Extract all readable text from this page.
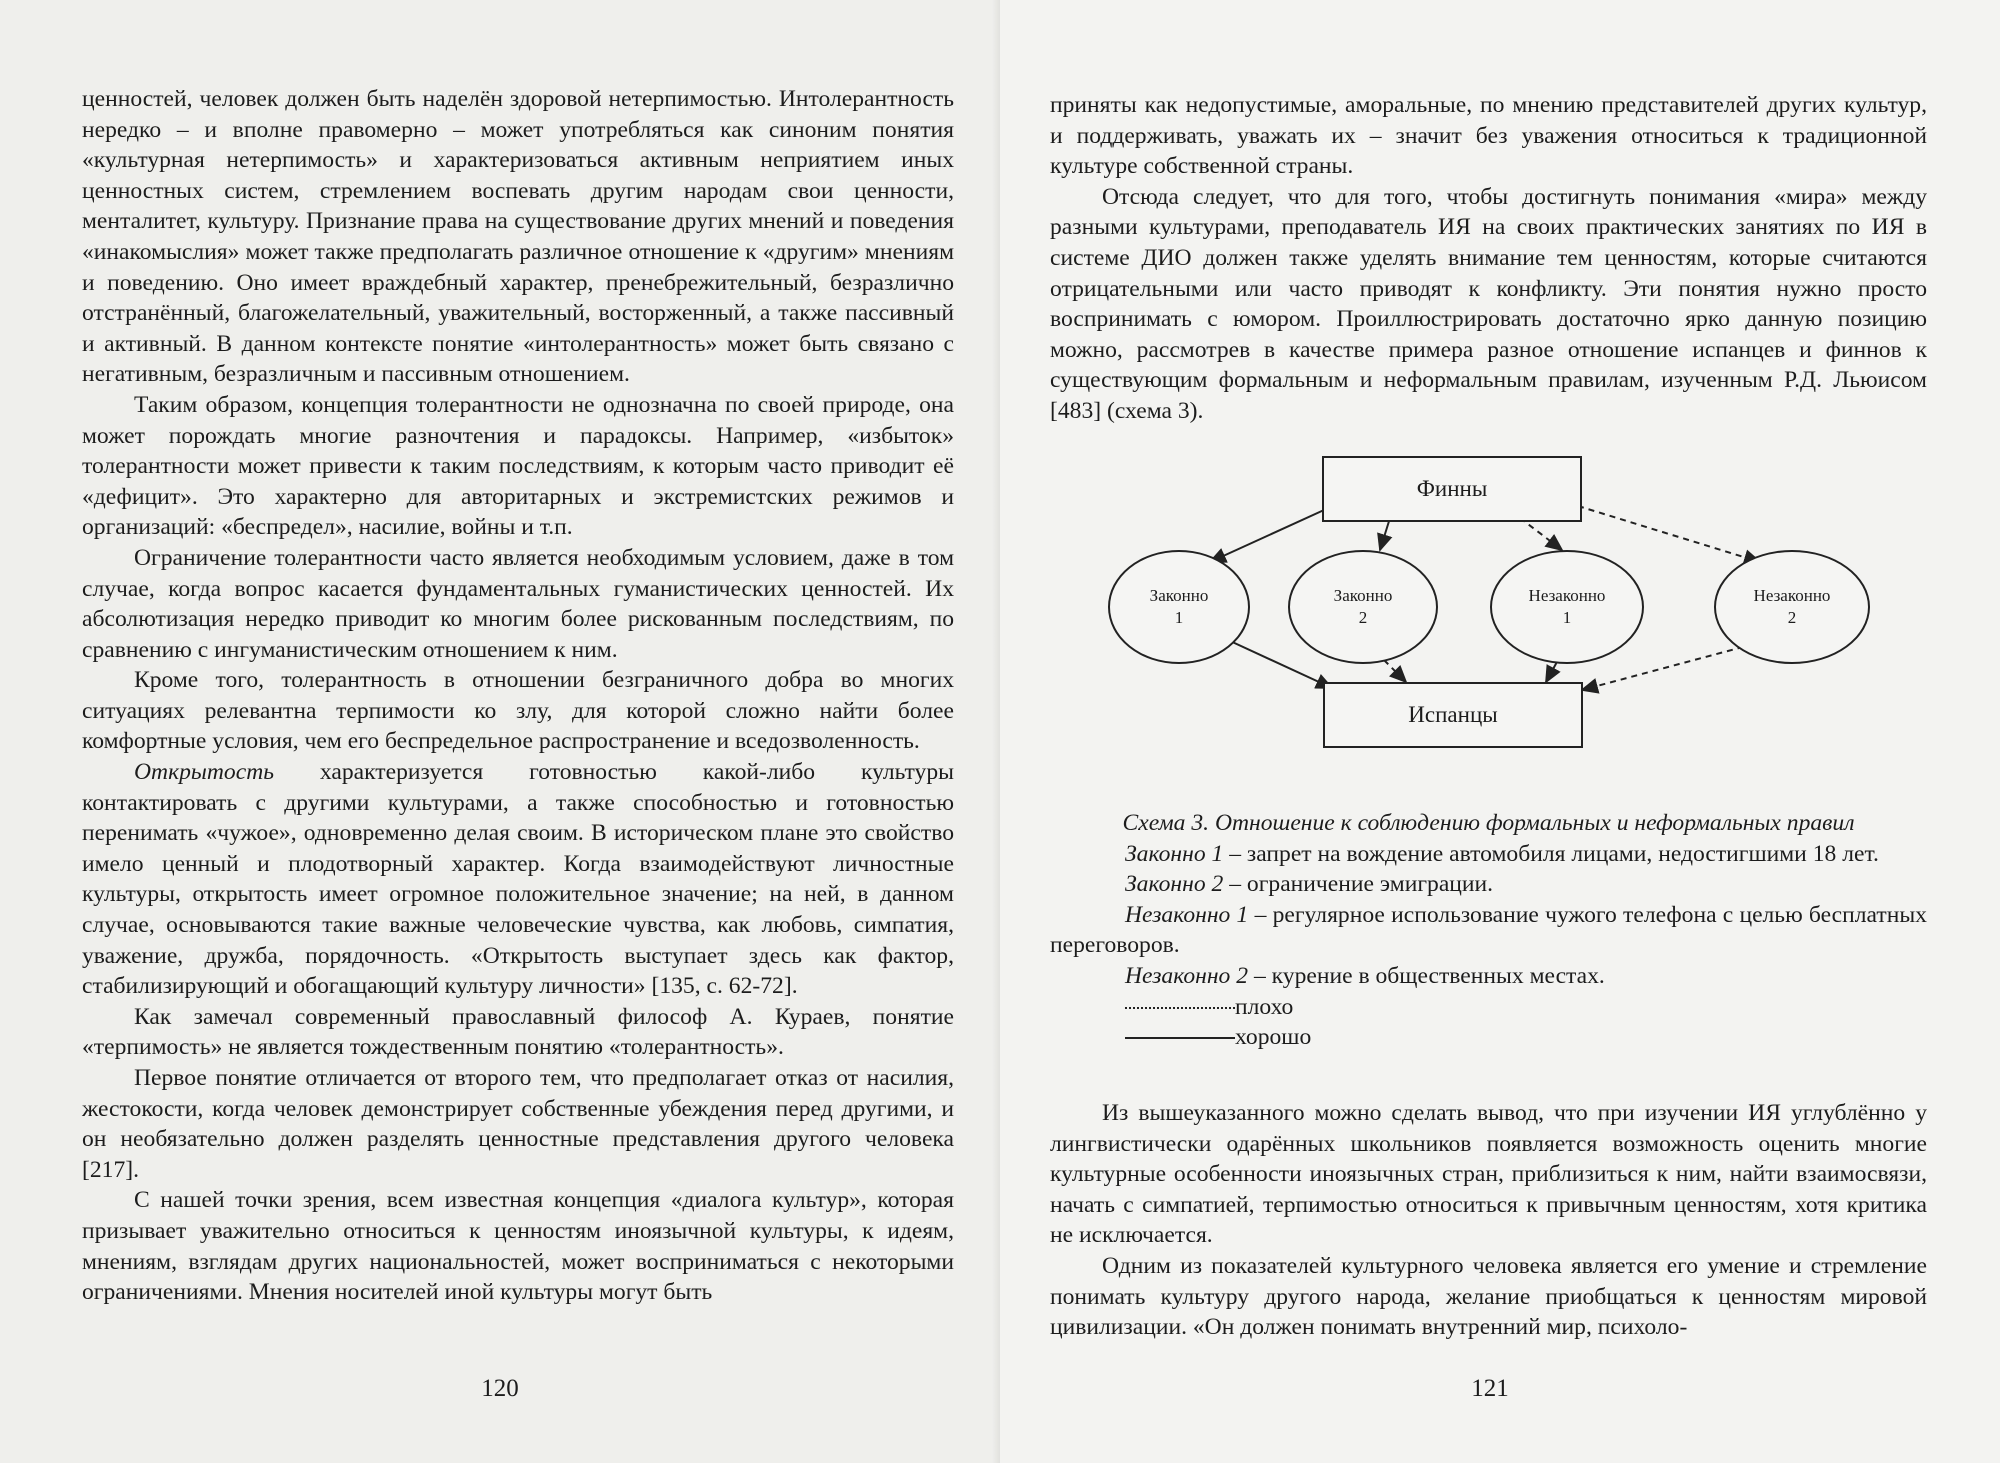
ценностей, человек должен быть наделён здоровой нетерпимостью. Интолерантность нередко – и вполне правомерно – может употребляться как синоним понятия «культурная нетерпимость» и характеризоваться активным неприятием иных ценностных систем, стремлением воспевать другим народам свои ценности, менталитет, культуру. Признание права на существование других мнений и поведения «инакомыслия» может также предполагать различное отношение к «другим» мнениям и поведению. Оно имеет враждебный характер, пренебрежительный, безразлично отстранённый, благожелательный, уважительный, восторженный, а также пассивный и активный. В данном контексте понятие «интолерантность» может быть связано с негативным, безразличным и пассивным отношением.

Таким образом, концепция толерантности не однозначна по своей природе, она может порождать многие разночтения и парадоксы. Например, «избыток» толерантности может привести к таким последствиям, к которым часто приводит её «дефицит». Это характерно для авторитарных и экстремистских режимов и организаций: «беспредел», насилие, войны и т.п.

Ограничение толерантности часто является необходимым условием, даже в том случае, когда вопрос касается фундаментальных гуманистических ценностей. Их абсолютизация нередко приводит ко многим более рискованным последствиям, по сравнению с ингуманистическим отношением к ним.

Кроме того, толерантность в отношении безграничного добра во многих ситуациях релевантна терпимости ко злу, для которой сложно найти более комфортные условия, чем его беспредельное распространение и вседозволенность.

Открытость характеризуется готовностью какой-либо культуры контактировать с другими культурами, а также способностью и готовностью перенимать «чужое», одновременно делая своим. В историческом плане это свойство имело ценный и плодотворный характер. Когда взаимодействуют личностные культуры, открытость имеет огромное положительное значение; на ней, в данном случае, основываются такие важные человеческие чувства, как любовь, симпатия, уважение, дружба, порядочность. «Открытость выступает здесь как фактор, стабилизирующий и обогащающий культуру личности» [135, с. 62-72].

Как замечал современный православный философ А. Кураев, понятие «терпимость» не является тождественным понятию «толерантность».

Первое понятие отличается от второго тем, что предполагает отказ от насилия, жестокости, когда человек демонстрирует собственные убеждения перед другими, и он необязательно должен разделять ценностные представления другого человека [217].

С нашей точки зрения, всем известная концепция «диалога культур», которая призывает уважительно относиться к ценностям иноязычной культуры, к идеям, мнениям, взглядам других национальностей, может восприниматься с некоторыми ограничениями. Мнения носителей иной культуры могут быть

120

приняты как недопустимые, аморальные, по мнению представителей других культур, и поддерживать, уважать их – значит без уважения относиться к традиционной культуре собственной страны.

Отсюда следует, что для того, чтобы достигнуть понимания «мира» между разными культурами, преподаватель ИЯ на своих практических занятиях по ИЯ в системе ДИО должен также уделять внимание тем ценностям, которые считаются отрицательными или часто приводят к конфликту. Эти понятия нужно просто воспринимать с юмором. Проиллюстрировать достаточно ярко данную позицию можно, рассмотрев в качестве примера разное отношение испанцев и финнов к существующим формальным и неформальным правилам, изученным Р.Д. Льюисом [483] (схема 3).

Финны
Испанцы
Законно
1
Законно
2
Незаконно
1
Незаконно
2

Схема 3. Отношение к соблюдению формальных и неформальных правил

Законно 1 – запрет на вождение автомобиля лицами, недостигшими 18 лет.

Законно 2 – ограничение эмиграции.

Незаконно 1 – регулярное использование чужого телефона с целью бесплатных переговоров.

Незаконно 2 – курение в общественных местах.

плохо
хорошо

Из вышеуказанного можно сделать вывод, что при изучении ИЯ углублённо у лингвистически одарённых школьников появляется возможность оценить многие культурные особенности иноязычных стран, приблизиться к ним, найти взаимосвязи, начать с симпатией, терпимостью относиться к привычным ценностям, хотя критика не исключается.

Одним из показателей культурного человека является его умение и стремление понимать культуру другого народа, желание приобщаться к ценностям мировой цивилизации. «Он должен понимать внутренний мир, психоло-

121
